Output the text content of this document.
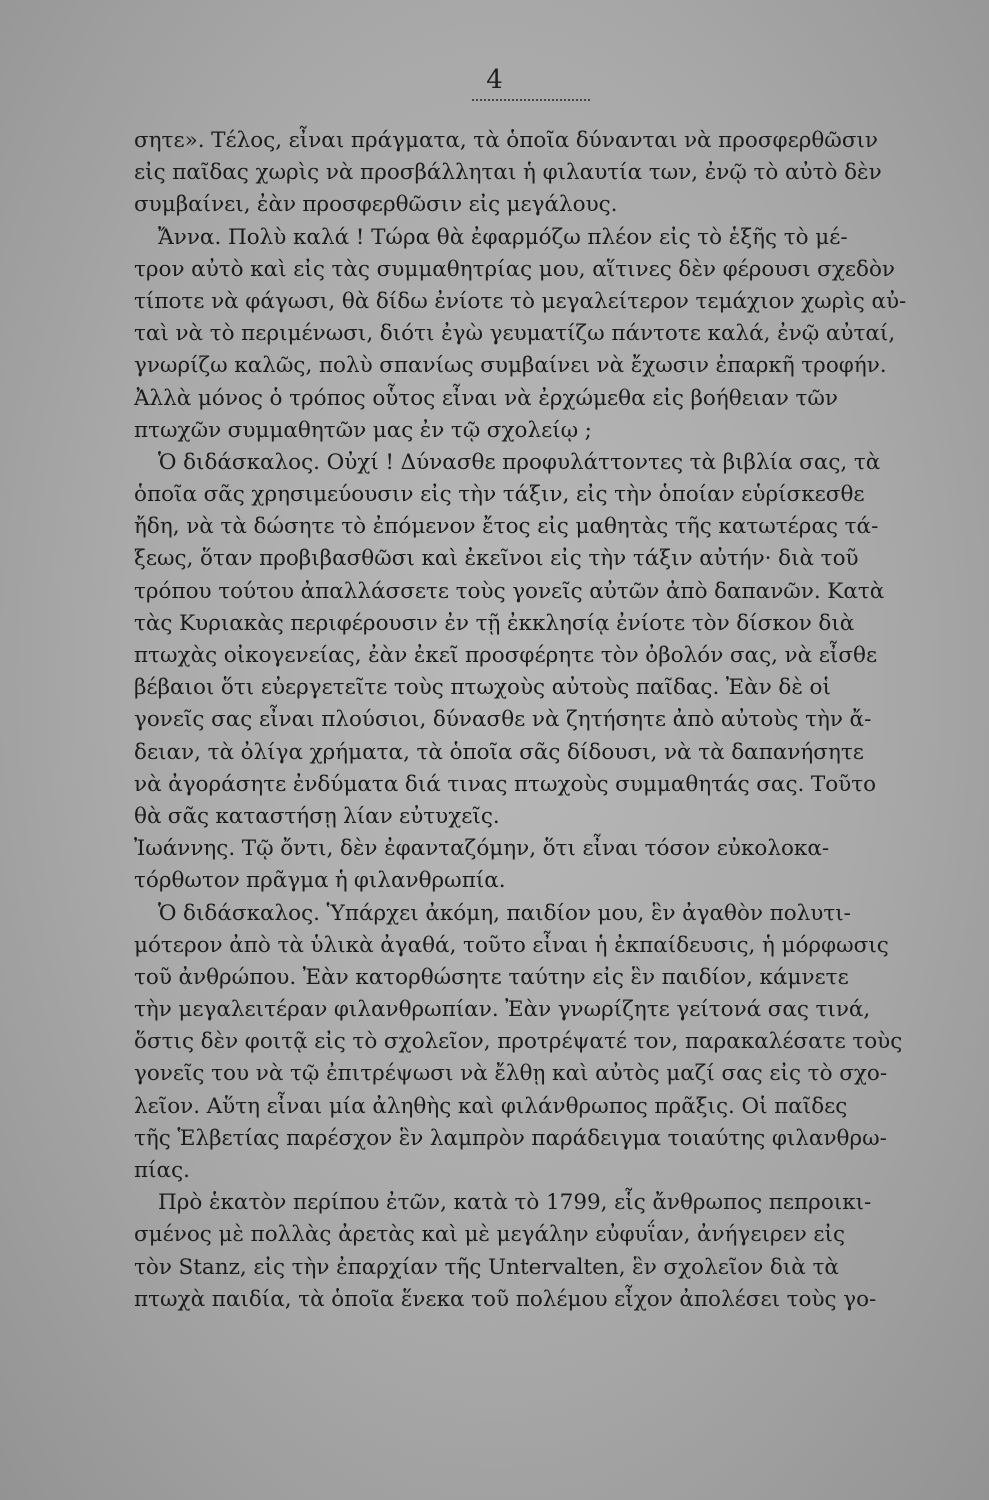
4
σητε». Τέλος, εἶναι πράγματα, τὰ ὁποῖα δύνανται νὰ προσφερθῶσιν
εἰς παῖδας χωρὶς νὰ προσβάλληται ἡ φιλαυτία των, ἐνῷ τὸ αὐτὸ δὲν
συμβαίνει, ἐὰν προσφερθῶσιν εἰς μεγάλους.
Ἄννα. Πολὺ καλά ! Τώρα θὰ ἐφαρμόζω πλέον εἰς τὸ ἑξῆς τὸ μέ-
τρον αὐτὸ καὶ εἰς τὰς συμμαθητρίας μου, αἵτινες δὲν φέρουσι σχεδὸν
τίποτε νὰ φάγωσι, θὰ δίδω ἐνίοτε τὸ μεγαλείτερον τεμάχιον χωρὶς αὐ-
ταὶ νὰ τὸ περιμένωσι, διότι ἐγὼ γευματίζω πάντοτε καλά, ἐνῷ αὐταί,
γνωρίζω καλῶς, πολὺ σπανίως συμβαίνει νὰ ἔχωσιν ἐπαρκῆ τροφήν.
Ἀλλὰ μόνος ὁ τρόπος οὗτος εἶναι νὰ ἐρχώμεθα εἰς βοήθειαν τῶν
πτωχῶν συμμαθητῶν μας ἐν τῷ σχολείῳ ;
Ὁ διδάσκαλος. Οὐχί ! Δύνασθε προφυλάττοντες τὰ βιβλία σας, τὰ
ὁποῖα σᾶς χρησιμεύουσιν εἰς τὴν τάξιν, εἰς τὴν ὁποίαν εὑρίσκεσθε
ἤδη, νὰ τὰ δώσητε τὸ ἐπόμενον ἔτος εἰς μαθητὰς τῆς κατωτέρας τά-
ξεως, ὅταν προβιβασθῶσι καὶ ἐκεῖνοι εἰς τὴν τάξιν αὐτήν· διὰ τοῦ
τρόπου τούτου ἀπαλλάσσετε τοὺς γονεῖς αὐτῶν ἀπὸ δαπανῶν. Κατὰ
τὰς Κυριακὰς περιφέρουσιν ἐν τῇ ἐκκλησίᾳ ἐνίοτε τὸν δίσκον διὰ
πτωχὰς οἰκογενείας, ἐὰν ἐκεῖ προσφέρητε τὸν ὀβολόν σας, νὰ εἶσθε
βέβαιοι ὅτι εὐεργετεῖτε τοὺς πτωχοὺς αὐτοὺς παῖδας. Ἐὰν δὲ οἱ
γονεῖς σας εἶναι πλούσιοι, δύνασθε νὰ ζητήσητε ἀπὸ αὐτοὺς τὴν ἄ-
δειαν, τὰ ὀλίγα χρήματα, τὰ ὁποῖα σᾶς δίδουσι, νὰ τὰ δαπανήσητε
νὰ ἀγοράσητε ἐνδύματα διά τινας πτωχοὺς συμμαθητάς σας. Τοῦτο
θὰ σᾶς καταστήσῃ λίαν εὐτυχεῖς.
Ἰωάννης. Τῷ ὄντι, δὲν ἐφανταζόμην, ὅτι εἶναι τόσον εὐκολοκα-
τόρθωτον πρᾶγμα ἡ φιλανθρωπία.
Ὁ διδάσκαλος. Ὑπάρχει ἀκόμη, παιδίον μου, ἓν ἀγαθὸν πολυτι-
μότερον ἀπὸ τὰ ὑλικὰ ἀγαθά, τοῦτο εἶναι ἡ ἐκπαίδευσις, ἡ μόρφωσις
τοῦ ἀνθρώπου. Ἐὰν κατορθώσητε ταύτην εἰς ἓν παιδίον, κάμνετε
τὴν μεγαλειτέραν φιλανθρωπίαν. Ἐὰν γνωρίζητε γείτονά σας τινά,
ὅστις δὲν φοιτᾷ εἰς τὸ σχολεῖον, προτρέψατέ τον, παρακαλέσατε τοὺς
γονεῖς του νὰ τῷ ἐπιτρέψωσι νὰ ἔλθῃ καὶ αὐτὸς μαζί σας εἰς τὸ σχο-
λεῖον. Αὕτη εἶναι μία ἀληθὴς καὶ φιλάνθρωπος πρᾶξις. Οἱ παῖδες
τῆς Ἑλβετίας παρέσχον ἓν λαμπρὸν παράδειγμα τοιαύτης φιλανθρω-
πίας.
Πρὸ ἑκατὸν περίπου ἐτῶν, κατὰ τὸ 1799, εἷς ἄνθρωπος πεπροικι-
σμένος μὲ πολλὰς ἀρετὰς καὶ μὲ μεγάλην εὐφυΐαν, ἀνήγειρεν εἰς
τὸν Stanz, εἰς τὴν ἐπαρχίαν τῆς Untervalten, ἓν σχολεῖον διὰ τὰ
πτωχὰ παιδία, τὰ ὁποῖα ἕνεκα τοῦ πολέμου εἶχον ἀπολέσει τοὺς γο-
